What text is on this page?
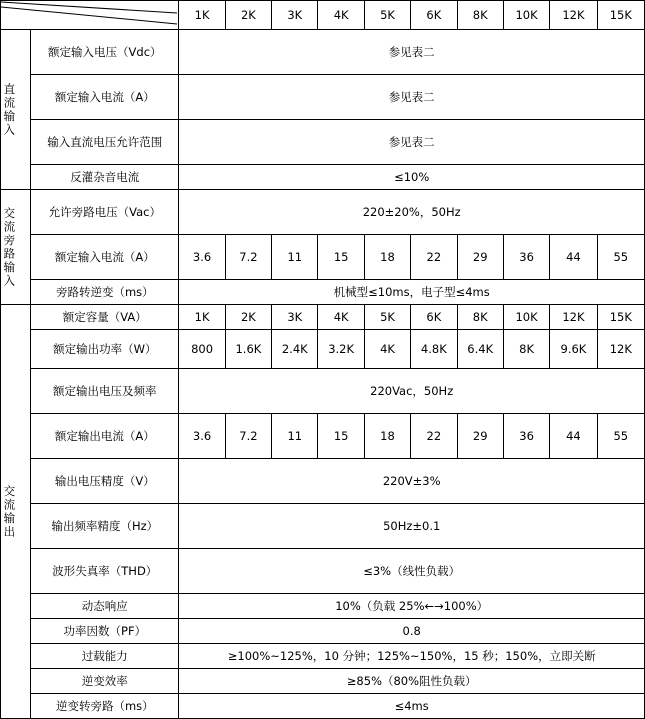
	1K	2K	3K	4K	5K	6K	8K	10K	12K	15K

直流输入	额定输入电压（Vdc）	参见表二									
	额定输入电流（A）	参见表二									
	输入直流电压允许范围	参见表二									
	反灌杂音电流	≤10%									

交流旁路输入	允许旁路电压（Vac）	220±20%，50Hz									
	额定输入电流（A）	3.6	7.2	11	15	18	22	29	36	44	55
	旁路转逆变（ms）	机械型≤10ms，电子型≤4ms									

交流输出	额定容量（VA）	1K	2K	3K	4K	5K	6K	8K	10K	12K	15K
	额定输出功率（W）	800	1.6K	2.4K	3.2K	4K	4.8K	6.4K	8K	9.6K	12K
	额定输出电压及频率	220Vac，50Hz									
	额定输出电流（A）	3.6	7.2	11	15	18	22	29	36	44	55
	输出电压精度（V）	220V±3%									
	输出频率精度（Hz）	50Hz±0.1									
	波形失真率（THD）	≤3%（线性负载）									
	动态响应	10%（负载 25%←→100%）									
	功率因数（PF）	0.8									
	过载能力	≥100%~125%，10 分钟；125%~150%，15 秒；150%，立即关断									
	逆变效率	≥85%（80%阻性负载）									
	逆变转旁路（ms）	≤4ms									
